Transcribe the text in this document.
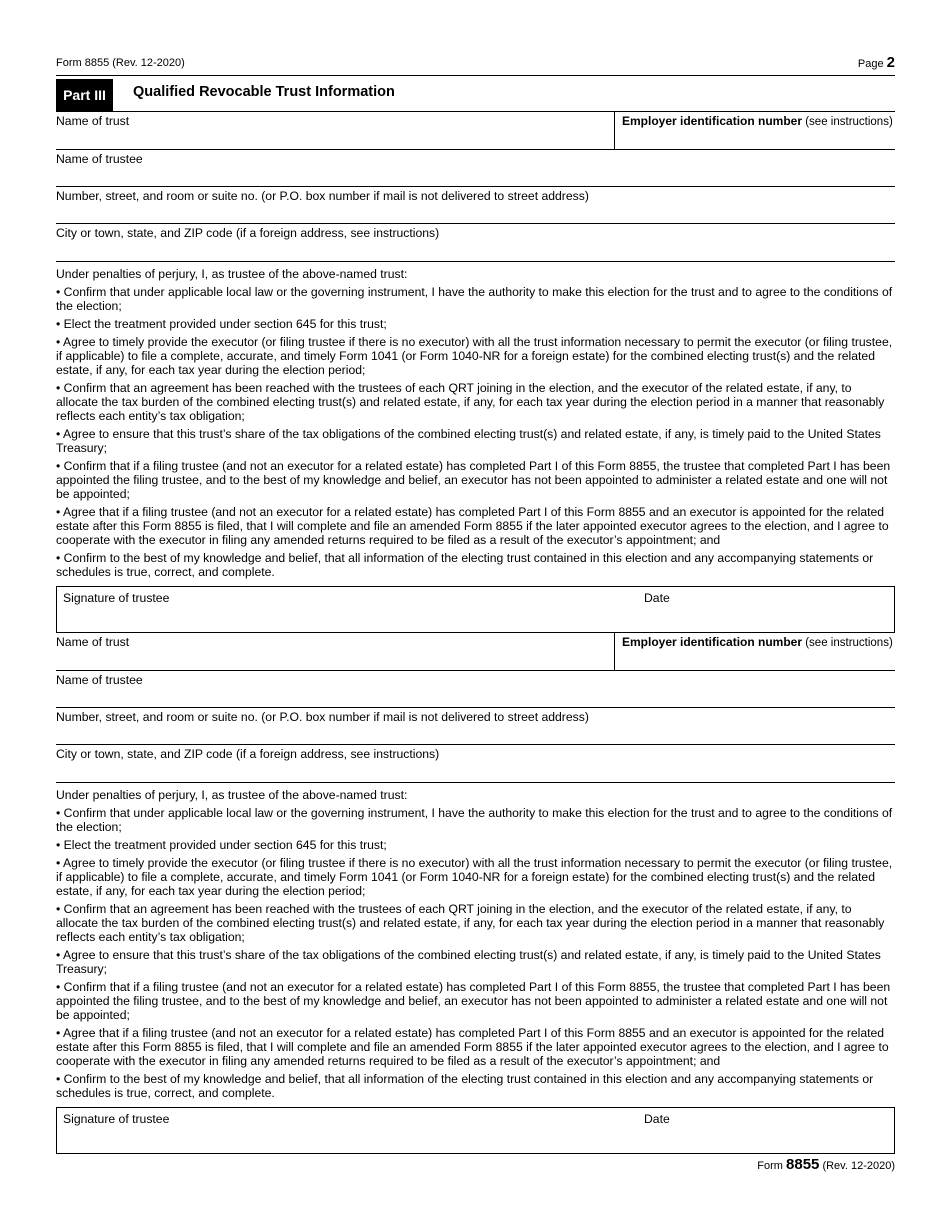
Form 8855 (Rev. 12-2020)	Page 2
Part III	Qualified Revocable Trust Information
Name of trust	Employer identification number (see instructions)
Name of trustee
Number, street, and room or suite no. (or P.O. box number if mail is not delivered to street address)
City or town, state, and ZIP code (if a foreign address, see instructions)

Under penalties of perjury, I, as trustee of the above-named trust:

• Confirm that under applicable local law or the governing instrument, I have the authority to make this election for the trust and to agree to the conditions of the election;

• Elect the treatment provided under section 645 for this trust;

• Agree to timely provide the executor (or filing trustee if there is no executor) with all the trust information necessary to permit the executor (or filing trustee, if applicable) to file a complete, accurate, and timely Form 1041 (or Form 1040-NR for a foreign estate) for the combined electing trust(s) and the related estate, if any, for each tax year during the election period;

• Confirm that an agreement has been reached with the trustees of each QRT joining in the election, and the executor of the related estate, if any, to allocate the tax burden of the combined electing trust(s) and related estate, if any, for each tax year during the election period in a manner that reasonably reflects each entity’s tax obligation;

• Agree to ensure that this trust’s share of the tax obligations of the combined electing trust(s) and related estate, if any, is timely paid to the United States Treasury;

• Confirm that if a filing trustee (and not an executor for a related estate) has completed Part I of this Form 8855, the trustee that completed Part I has been appointed the filing trustee, and to the best of my knowledge and belief, an executor has not been appointed to administer a related estate and one will not be appointed;

• Agree that if a filing trustee (and not an executor for a related estate) has completed Part I of this Form 8855 and an executor is appointed for the related estate after this Form 8855 is filed, that I will complete and file an amended Form 8855 if the later appointed executor agrees to the election, and I agree to cooperate with the executor in filing any amended returns required to be filed as a result of the executor’s appointment; and

• Confirm to the best of my knowledge and belief, that all information of the electing trust contained in this election and any accompanying statements or schedules is true, correct, and complete.

Signature of trustee	Date
Name of trust	Employer identification number (see instructions)
Name of trustee
Number, street, and room or suite no. (or P.O. box number if mail is not delivered to street address)
City or town, state, and ZIP code (if a foreign address, see instructions)

Under penalties of perjury, I, as trustee of the above-named trust:

• Confirm that under applicable local law or the governing instrument, I have the authority to make this election for the trust and to agree to the conditions of the election;

• Elect the treatment provided under section 645 for this trust;

• Agree to timely provide the executor (or filing trustee if there is no executor) with all the trust information necessary to permit the executor (or filing trustee, if applicable) to file a complete, accurate, and timely Form 1041 (or Form 1040-NR for a foreign estate) for the combined electing trust(s) and the related estate, if any, for each tax year during the election period;

• Confirm that an agreement has been reached with the trustees of each QRT joining in the election, and the executor of the related estate, if any, to allocate the tax burden of the combined electing trust(s) and related estate, if any, for each tax year during the election period in a manner that reasonably reflects each entity’s tax obligation;

• Agree to ensure that this trust’s share of the tax obligations of the combined electing trust(s) and related estate, if any, is timely paid to the United States Treasury;

• Confirm that if a filing trustee (and not an executor for a related estate) has completed Part I of this Form 8855, the trustee that completed Part I has been appointed the filing trustee, and to the best of my knowledge and belief, an executor has not been appointed to administer a related estate and one will not be appointed;

• Agree that if a filing trustee (and not an executor for a related estate) has completed Part I of this Form 8855 and an executor is appointed for the related estate after this Form 8855 is filed, that I will complete and file an amended Form 8855 if the later appointed executor agrees to the election, and I agree to cooperate with the executor in filing any amended returns required to be filed as a result of the executor’s appointment; and

• Confirm to the best of my knowledge and belief, that all information of the electing trust contained in this election and any accompanying statements or schedules is true, correct, and complete.

Signature of trustee	Date
Form 8855 (Rev. 12-2020)
